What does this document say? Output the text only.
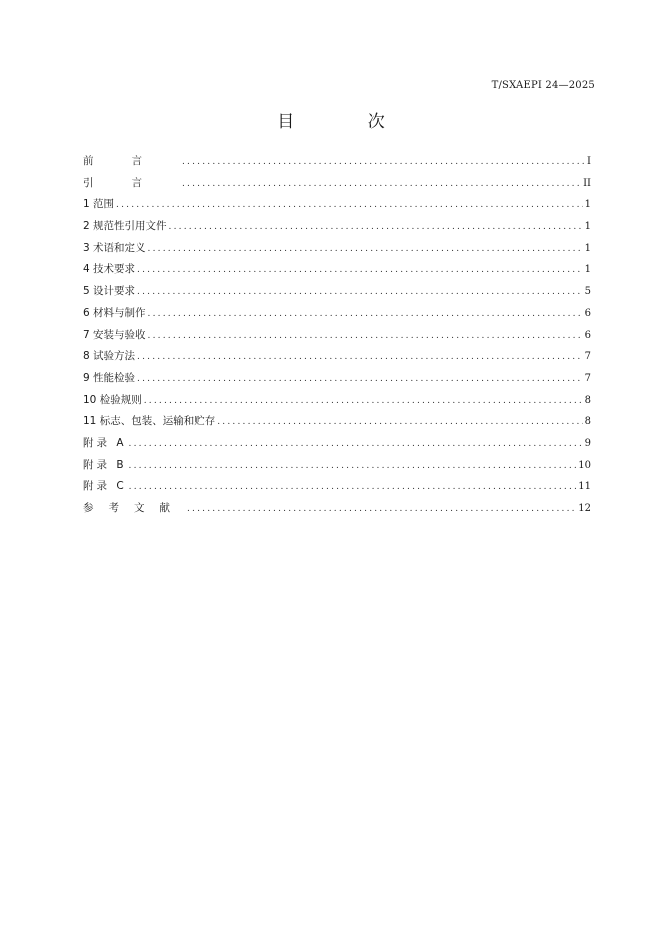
T/SXAEPI 24—2025
目 次
前言 .....	I
引言 .....	II
1 范围 .....	1
2 规范性引用文件 .....	1
3 术语和定义 .....	1
4 技术要求 .....	1
5 设计要求 .....	5
6 材料与制作 .....	6
7 安装与验收 .....	6
8 试验方法 .....	7
9 性能检验 .....	7
10 检验规则 .....	8
11 标志、包装、运输和贮存 .....	8
附录 A .....	9
附录 B .....	10
附录 C .....	11
参考文献 .....	12
